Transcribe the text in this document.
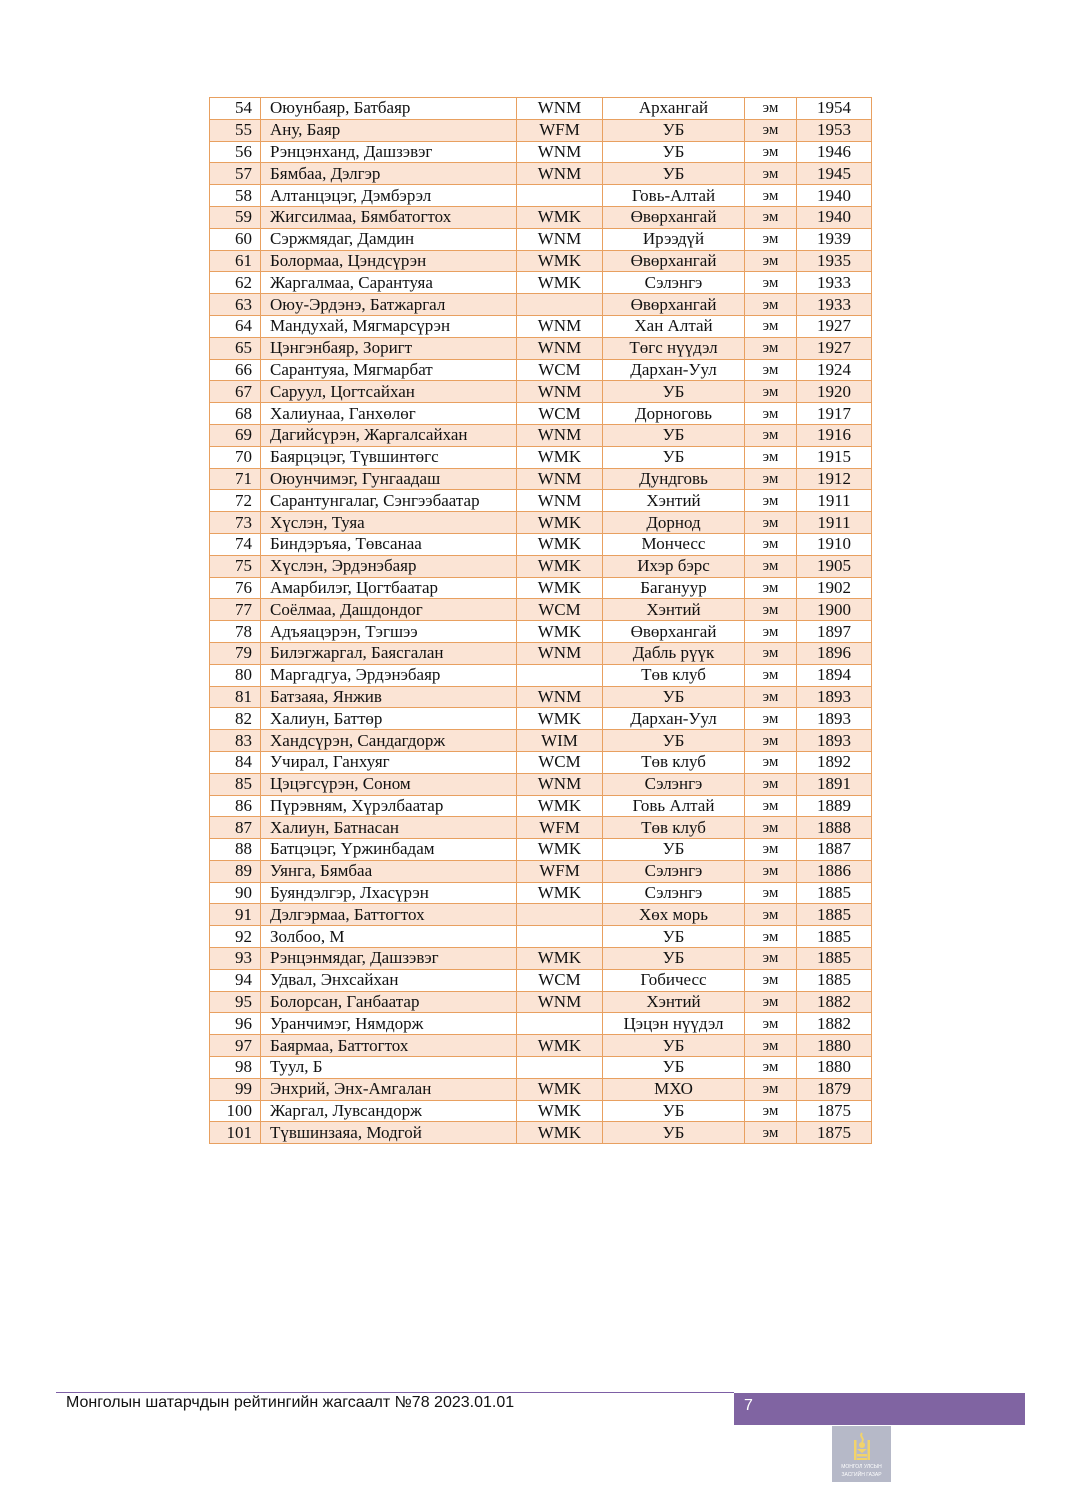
54	Оюунбаяр, Батбаяр	WNM	Архангай	эм	1954
55	Ану, Баяр	WFM	УБ	эм	1953
56	Рэнцэнханд, Дашзэвэг	WNM	УБ	эм	1946
57	Бямбаа, Дэлгэр	WNM	УБ	эм	1945
58	Алтанцэцэг, Дэмбэрэл		Говь-Алтай	эм	1940
59	Жигсилмаа, Бямбатогтох	WMK	Өвөрхангай	эм	1940
60	Сэржмядаг, Дамдин	WNM	Ирээдүй	эм	1939
61	Болормаа, Цэндсүрэн	WMK	Өвөрхангай	эм	1935
62	Жаргалмаа, Сарантуяа	WMK	Сэлэнгэ	эм	1933
63	Оюу-Эрдэнэ, Батжаргал		Өвөрхангай	эм	1933
64	Мандухай, Мягмарсүрэн	WNM	Хан Алтай	эм	1927
65	Цэнгэнбаяр, Зоригт	WNM	Төгс нүүдэл	эм	1927
66	Сарантуяа, Мягмарбат	WCM	Дархан-Уул	эм	1924
67	Саруул, Цогтсайхан	WNM	УБ	эм	1920
68	Халиунаа, Ганхөлөг	WCM	Дорноговь	эм	1917
69	Дагийсүрэн, Жаргалсайхан	WNM	УБ	эм	1916
70	Баярцэцэг, Түвшинтөгс	WMK	УБ	эм	1915
71	Оюунчимэг, Гунгаадаш	WNM	Дундговь	эм	1912
72	Сарантунгалаг, Сэнгээбаатар	WNM	Хэнтий	эм	1911
73	Хүслэн, Туяа	WMK	Дорнод	эм	1911
74	Биндэръяа, Төвсанаа	WMK	Мончесс	эм	1910
75	Хүслэн, Эрдэнэбаяр	WMK	Ихэр бэрс	эм	1905
76	Амарбилэг, Цогтбаатар	WMK	Багануур	эм	1902
77	Соёлмаа, Дашдондог	WCM	Хэнтий	эм	1900
78	Адъяацэрэн, Тэгшээ	WMK	Өвөрхангай	эм	1897
79	Билэгжаргал, Баясгалан	WNM	Дабль рүүк	эм	1896
80	Маргадгуа, Эрдэнэбаяр		Төв клуб	эм	1894
81	Батзаяа, Янжив	WNM	УБ	эм	1893
82	Халиун, Баттөр	WMK	Дархан-Уул	эм	1893
83	Хандсүрэн, Сандагдорж	WIM	УБ	эм	1893
84	Учирал, Ганхуяг	WCM	Төв клуб	эм	1892
85	Цэцэгсүрэн, Соном	WNM	Сэлэнгэ	эм	1891
86	Пүрэвням, Хүрэлбаатар	WMK	Говь Алтай	эм	1889
87	Халиун, Батнасан	WFM	Төв клуб	эм	1888
88	Батцэцэг, Үржинбадам	WMK	УБ	эм	1887
89	Уянга, Бямбаа	WFM	Сэлэнгэ	эм	1886
90	Буяндэлгэр, Лхасүрэн	WMK	Сэлэнгэ	эм	1885
91	Дэлгэрмаа, Баттогтох		Хөх морь	эм	1885
92	Золбоо, М		УБ	эм	1885
93	Рэнцэнмядаг, Дашзэвэг	WMK	УБ	эм	1885
94	Удвал, Энхсайхан	WCM	Гобичесс	эм	1885
95	Болорсан, Ганбаатар	WNM	Хэнтий	эм	1882
96	Уранчимэг, Нямдорж		Цэцэн нүүдэл	эм	1882
97	Баярмаа, Баттогтох	WMK	УБ	эм	1880
98	Туул, Б		УБ	эм	1880
99	Энхрий, Энх-Амгалан	WMK	МХО	эм	1879
100	Жаргал, Лувсандорж	WMK	УБ	эм	1875
101	Түвшинзаяа, Модгой	WMK	УБ	эм	1875
Монголын шатарчдын рейтингийн жагсаалт №78 2023.01.01	7
МОНГОЛ УЛСЫН
ЗАСГИЙН ГАЗАР
